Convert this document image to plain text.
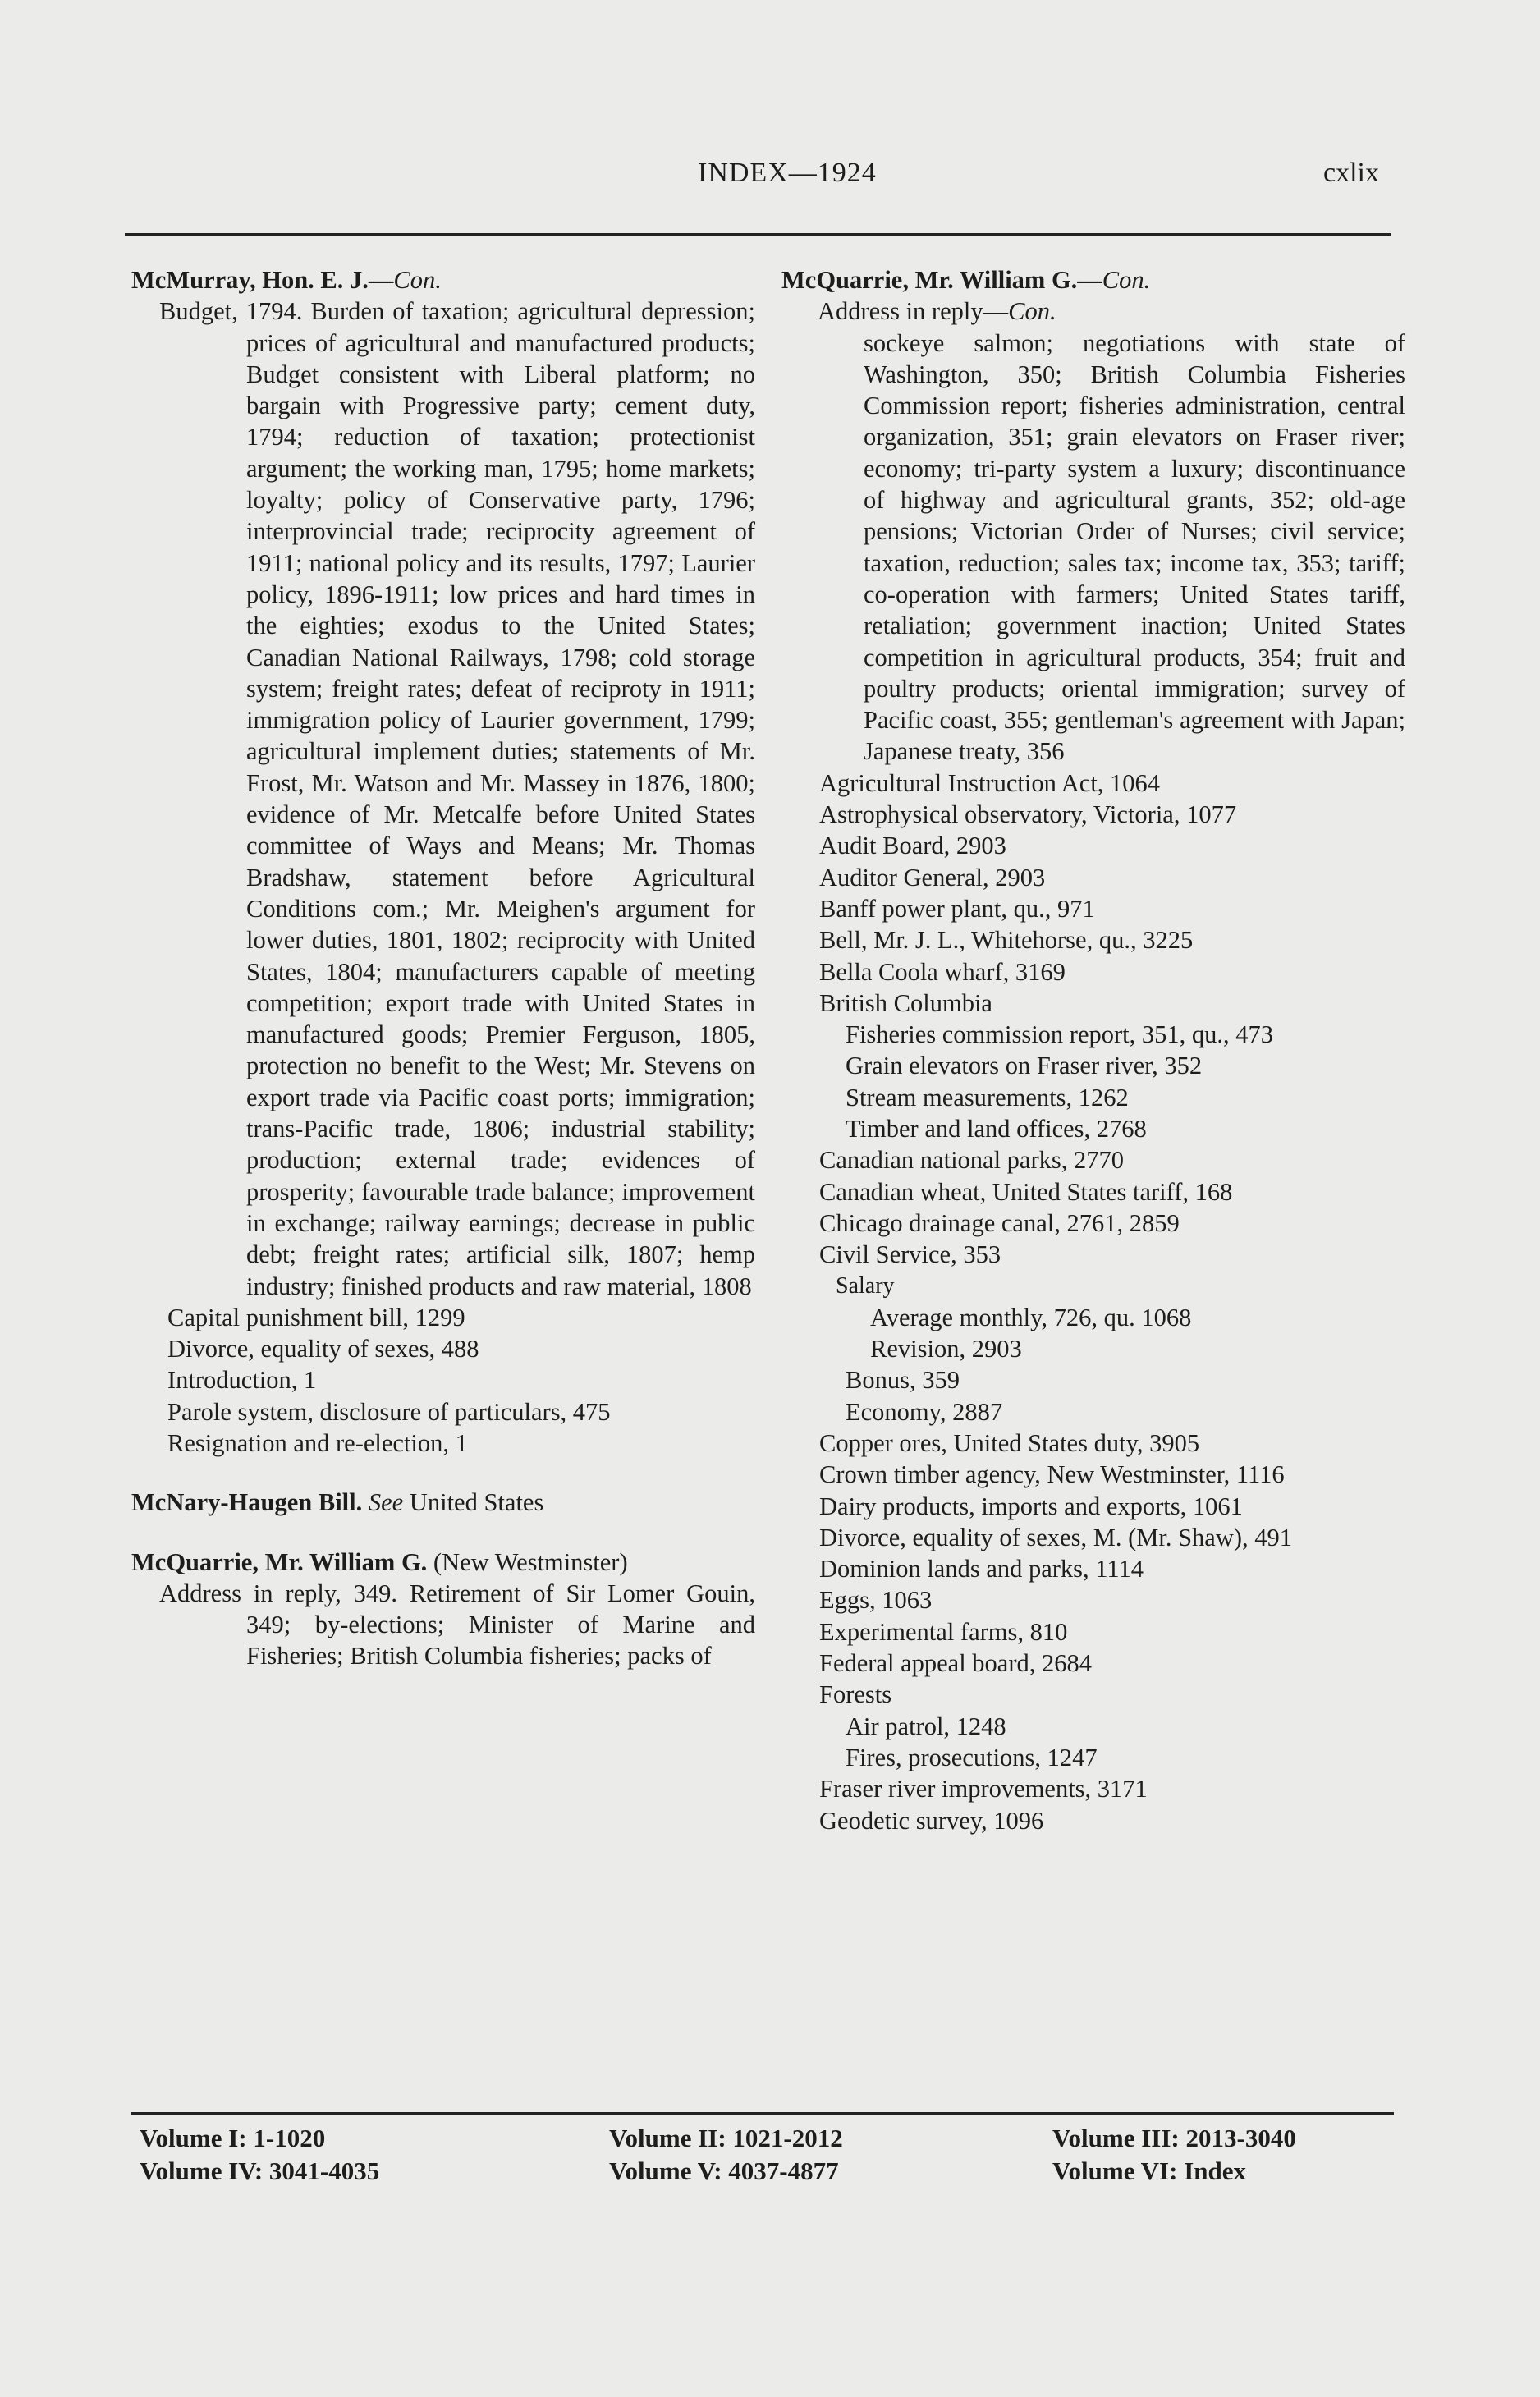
INDEX—1924	cxlix

McMurray, Hon. E. J.—Con.

Budget, 1794. Burden of taxation; agricultural depression; prices of agricultural and manufactured products; Budget consistent with Liberal platform; no bargain with Progressive party; cement duty, 1794; reduction of taxation; protectionist argument; the working man, 1795; home markets; loyalty; policy of Conservative party, 1796; interprovincial trade; reciprocity agreement of 1911; national policy and its results, 1797; Laurier policy, 1896-1911; low prices and hard times in the eighties; exodus to the United States; Canadian National Railways, 1798; cold storage system; freight rates; defeat of reciproty in 1911; immigration policy of Laurier government, 1799; agricultural implement duties; statements of Mr. Frost, Mr. Watson and Mr. Massey in 1876, 1800; evidence of Mr. Metcalfe before United States committee of Ways and Means; Mr. Thomas Bradshaw, statement before Agricultural Conditions com.; Mr. Meighen's argument for lower duties, 1801, 1802; reciprocity with United States, 1804; manufacturers capable of meeting competition; export trade with United States in manufactured goods; Premier Ferguson, 1805, protection no benefit to the West; Mr. Stevens on export trade via Pacific coast ports; immigration; trans-Pacific trade, 1806; industrial stability; production; external trade; evidences of prosperity; favourable trade balance; improvement in exchange; railway earnings; decrease in public debt; freight rates; artificial silk, 1807; hemp industry; finished products and raw material, 1808

Capital punishment bill, 1299

Divorce, equality of sexes, 488

Introduction, 1

Parole system, disclosure of particulars, 475

Resignation and re-election, 1

McNary-Haugen Bill. See United States

McQuarrie, Mr. William G. (New Westminster)

Address in reply, 349. Retirement of Sir Lomer Gouin, 349; by-elections; Minister of Marine and Fisheries; British Columbia fisheries; packs of

McQuarrie, Mr. William G.—Con.

Address in reply—Con.

sockeye salmon; negotiations with state of Washington, 350; British Columbia Fisheries Commission report; fisheries administration, central organization, 351; grain elevators on Fraser river; economy; tri-party system a luxury; discontinuance of highway and agricultural grants, 352; old-age pensions; Victorian Order of Nurses; civil service; taxation, reduction; sales tax; income tax, 353; tariff; co-operation with farmers; United States tariff, retaliation; government inaction; United States competition in agricultural products, 354; fruit and poultry products; oriental immigration; survey of Pacific coast, 355; gentleman's agreement with Japan; Japanese treaty, 356

Agricultural Instruction Act, 1064

Astrophysical observatory, Victoria, 1077

Audit Board, 2903

Auditor General, 2903

Banff power plant, qu., 971

Bell, Mr. J. L., Whitehorse, qu., 3225

Bella Coola wharf, 3169

British Columbia

Fisheries commission report, 351, qu., 473

Grain elevators on Fraser river, 352

Stream measurements, 1262

Timber and land offices, 2768

Canadian national parks, 2770

Canadian wheat, United States tariff, 168

Chicago drainage canal, 2761, 2859

Civil Service, 353

Salary

Average monthly, 726, qu. 1068

Revision, 2903

Bonus, 359

Economy, 2887

Copper ores, United States duty, 3905

Crown timber agency, New Westminster, 1116

Dairy products, imports and exports, 1061

Divorce, equality of sexes, M. (Mr. Shaw), 491

Dominion lands and parks, 1114

Eggs, 1063

Experimental farms, 810

Federal appeal board, 2684

Forests

Air patrol, 1248

Fires, prosecutions, 1247

Fraser river improvements, 3171

Geodetic survey, 1096

Volume I: 1-1020	Volume II: 1021-2012	Volume III: 2013-3040
Volume IV: 3041-4035	Volume V: 4037-4877	Volume VI: Index
